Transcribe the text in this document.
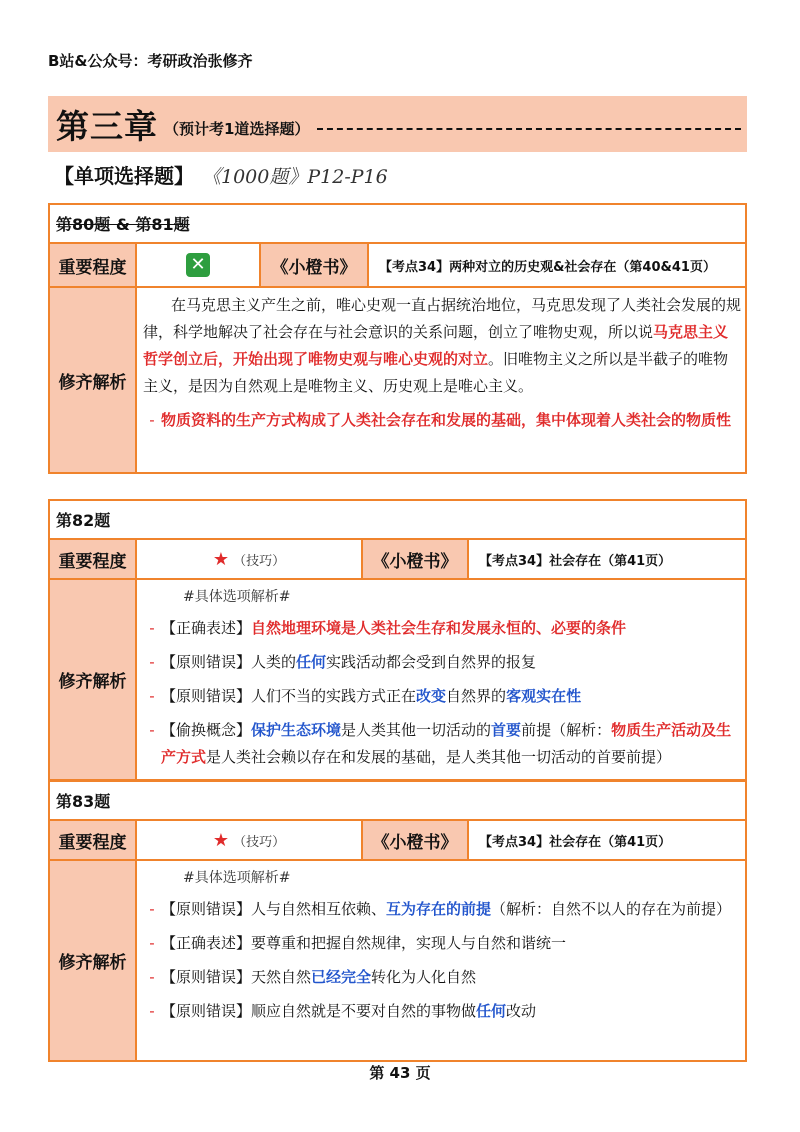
B站&公众号：考研政治张修齐
第三章 （预计考1道选择题）
【单项选择题】 《1000题》P12-P16
第80题 & 第81题
重要程度	✕	《小橙书》	【考点34】两种对立的历史观&社会存在（第40&41页）
修齐解析
在马克思主义产生之前，唯心史观一直占据统治地位，马克思发现了人类社会发展的规律，科学地解决了社会存在与社会意识的关系问题，创立了唯物史观，所以说马克思主义哲学创立后，开始出现了唯物史观与唯心史观的对立。旧唯物主义之所以是半截子的唯物主义，是因为自然观上是唯物主义、历史观上是唯心主义。
- 物质资料的生产方式构成了人类社会存在和发展的基础，集中体现着人类社会的物质性
第82题
重要程度	★ （技巧）	《小橙书》	【考点34】社会存在（第41页）
修齐解析
#具体选项解析#
- 【正确表述】自然地理环境是人类社会生存和发展永恒的、必要的条件
- 【原则错误】人类的任何实践活动都会受到自然界的报复
- 【原则错误】人们不当的实践方式正在改变自然界的客观实在性
- 【偷换概念】保护生态环境是人类其他一切活动的首要前提（解析：物质生产活动及生产方式是人类社会赖以存在和发展的基础，是人类其他一切活动的首要前提）
第83题
重要程度	★ （技巧）	《小橙书》	【考点34】社会存在（第41页）
修齐解析
#具体选项解析#
- 【原则错误】人与自然相互依赖、互为存在的前提（解析：自然不以人的存在为前提）
- 【正确表述】要尊重和把握自然规律，实现人与自然和谐统一
- 【原则错误】天然自然已经完全转化为人化自然
- 【原则错误】顺应自然就是不要对自然的事物做任何改动
第 43 页
